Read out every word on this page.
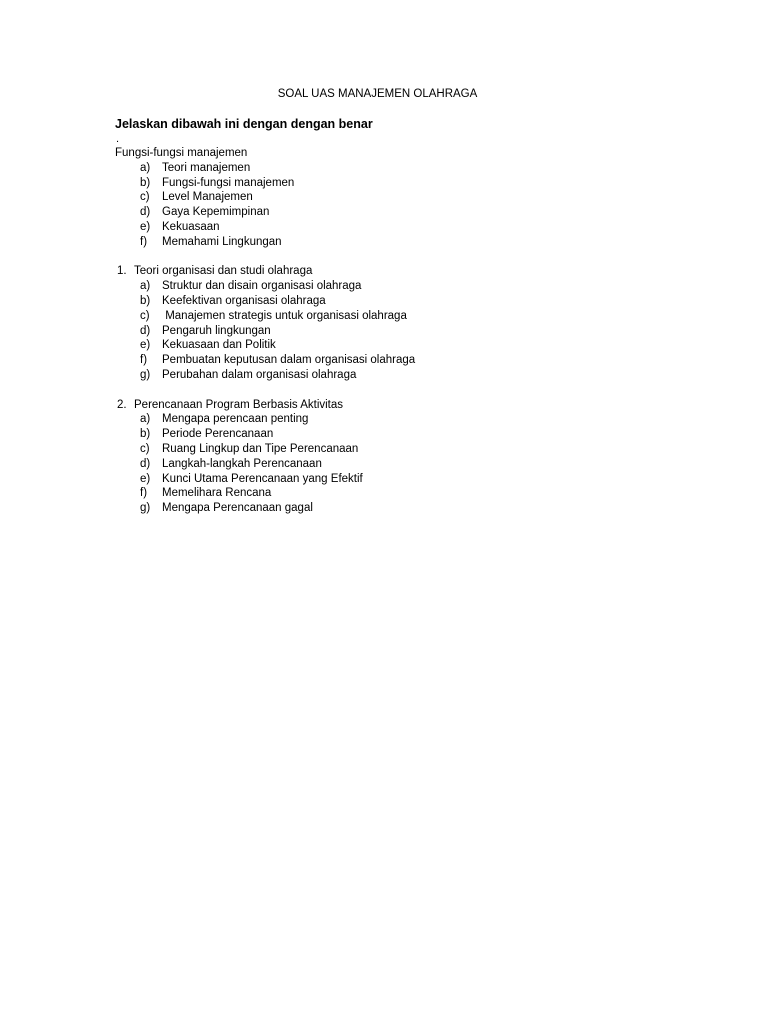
SOAL UAS MANAJEMEN OLAHRAGA
Jelaskan dibawah ini dengan dengan benar
.
Fungsi-fungsi manajemen
a) Teori manajemen
b) Fungsi-fungsi manajemen
c) Level Manajemen
d) Gaya Kepemimpinan
e) Kekuasaan
f) Memahami Lingkungan
1. Teori organisasi dan studi olahraga
a) Struktur dan disain organisasi olahraga
b) Keefektivan organisasi olahraga
c) Manajemen strategis untuk organisasi olahraga
d) Pengaruh lingkungan
e) Kekuasaan dan Politik
f) Pembuatan keputusan dalam organisasi olahraga
g) Perubahan dalam organisasi olahraga
2. Perencanaan Program Berbasis Aktivitas
a) Mengapa perencaan penting
b) Periode Perencanaan
c) Ruang Lingkup dan Tipe Perencanaan
d) Langkah-langkah Perencanaan
e) Kunci Utama Perencanaan yang Efektif
f) Memelihara Rencana
g) Mengapa Perencanaan gagal
